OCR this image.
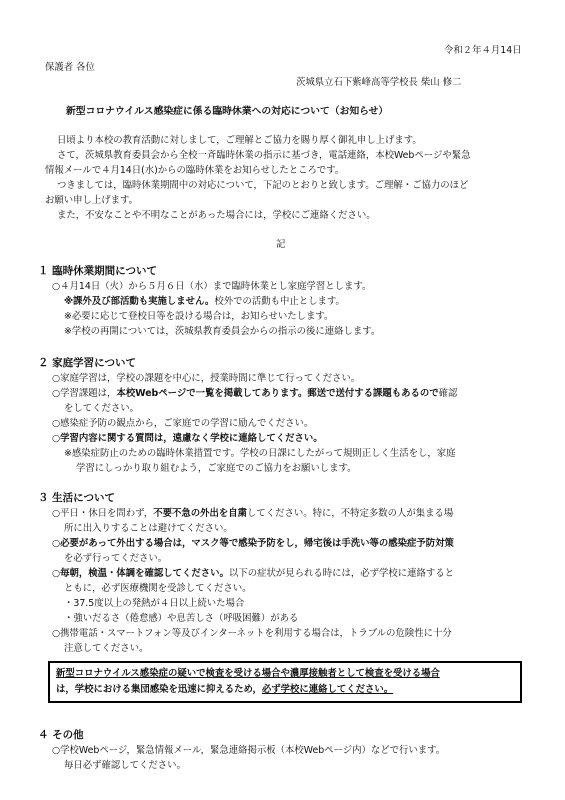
令和２年４月14日
保護者 各位
茨城県立石下紫峰高等学校長 柴山 修二
新型コロナウイルス感染症に係る臨時休業への対応について（お知らせ）
日頃より本校の教育活動に対しまして，ご理解とご協力を賜り厚く御礼申し上げます。
さて，茨城県教育委員会から全校一斉臨時休業の指示に基づき，電話連絡，本校Webページや緊急
情報メールで４月14日(水)からの臨時休業をお知らせしたところです。
つきましては，臨時休業期間中の対応について，下記のとおりと致します。ご理解・ご協力のほど
お願い申し上げます。
また，不安なことや不明なことがあった場合には，学校にご連絡ください。
記
１ 臨時休業期間について
○４月14日（火）から５月６日（水）まで臨時休業とし家庭学習とします。
※課外及び部活動も実施しません。校外での活動も中止とします。
※必要に応じて登校日等を設ける場合は，お知らせいたします。
※学校の再開については，茨城県教育委員会からの指示の後に連絡します。
２ 家庭学習について
○家庭学習は，学校の課題を中心に，授業時間に準じて行ってください。
○学習課題は，本校Webページで一覧を掲載してあります。郵送で送付する課題もあるので確認
をしてください。
○感染症予防の観点から，ご家庭での学習に励んでください。
○学習内容に関する質問は，遠慮なく学校に連絡してください。
※感染症防止のための臨時休業措置です。学校の日課にしたがって規則正しく生活をし，家庭
学習にしっかり取り組むよう，ご家庭でのご協力をお願いします。
３ 生活について
○平日・休日を問わず，不要不急の外出を自粛してください。特に，不特定多数の人が集まる場
所に出入りすることは避けてください。
○必要があって外出する場合は，マスク等で感染予防をし，帰宅後は手洗い等の感染症予防対策
を必ず行ってください。
○毎朝，検温・体調を確認してください。以下の症状が見られる時には，必ず学校に連絡すると
ともに，必ず医療機関を受診してください。
・37.5度以上の発熱が４日以上続いた場合
・強いだるさ（倦怠感）や息苦しさ（呼吸困難）がある
○携帯電話・スマートフォン等及びインターネットを利用する場合は，トラブルの危険性に十分
注意してください。
新型コロナウイルス感染症の疑いで検査を受ける場合や濃厚接触者として検査を受ける場合
は，学校における集団感染を迅速に抑えるため，必ず学校に連絡してください。
４ その他
○学校Webページ，緊急情報メール，緊急連絡掲示板（本校Webページ内）などで行います。
毎日必ず確認してください。
